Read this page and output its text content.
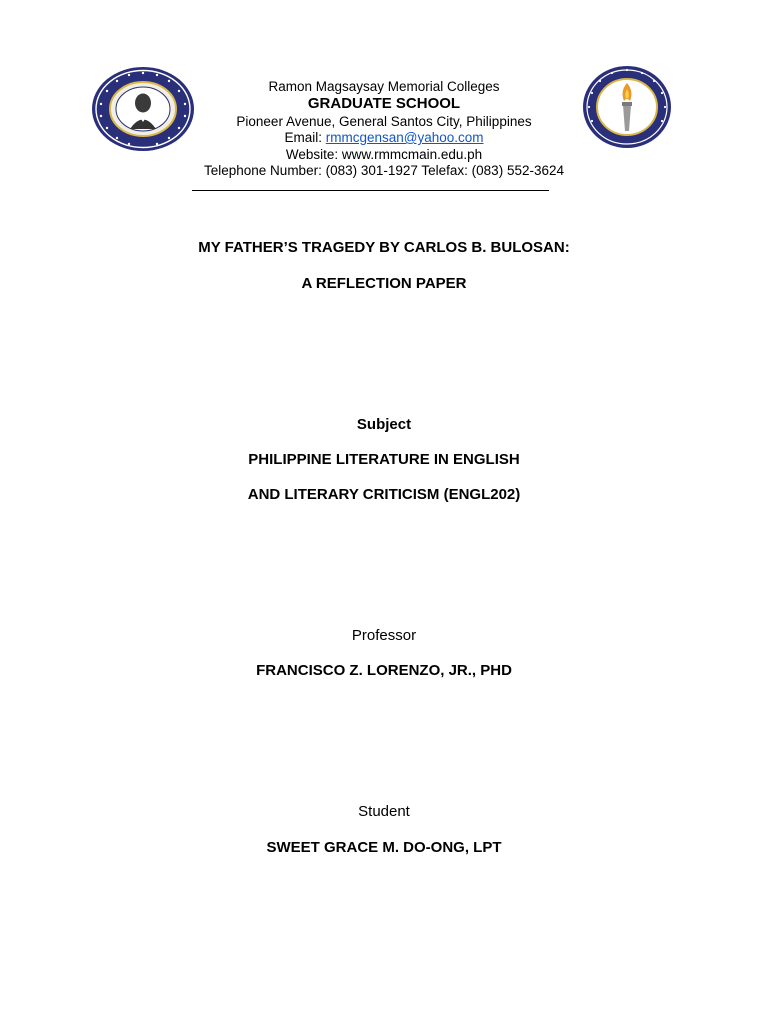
Ramon Magsaysay Memorial Colleges
GRADUATE SCHOOL
Pioneer Avenue, General Santos City, Philippines
Email: rmmcgensan@yahoo.com
Website: www.rmmcmain.edu.ph
Telephone Number: (083) 301-1927 Telefax: (083) 552-3624
MY FATHER’S TRAGEDY BY CARLOS B. BULOSAN:
A REFLECTION PAPER
Subject
PHILIPPINE LITERATURE IN ENGLISH
AND LITERARY CRITICISM (ENGL202)
Professor
FRANCISCO Z. LORENZO, JR., PHD
Student
SWEET GRACE M. DO-ONG, LPT
